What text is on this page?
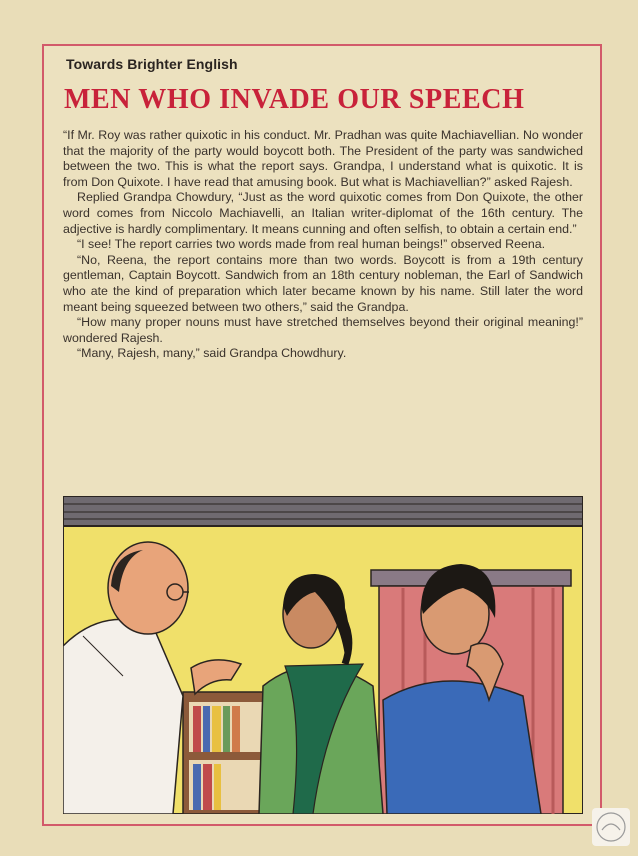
Towards Brighter English
MEN WHO INVADE OUR SPEECH

“If Mr. Roy was rather quixotic in his conduct. Mr. Pradhan was quite Machiavellian. No wonder that the majority of the party would boycott both. The President of the party was sandwiched between the two. This is what the report says. Grandpa, I understand what is quixotic. It is from Don Quixote. I have read that amusing book. But what is Machiavellian?” asked Rajesh.

Replied Grandpa Chowdury, “Just as the word quixotic comes from Don Quixote, the other word comes from Niccolo Machiavelli, an Italian writer-diplomat of the 16th century. The adjective is hardly complimentary. It means cunning and often selfish, to obtain a certain end.”

“I see! The report carries two words made from real human beings!” observed Reena.

“No, Reena, the report contains more than two words. Boycott is from a 19th century gentleman, Captain Boycott. Sandwich from an 18th century nobleman, the Earl of Sandwich who ate the kind of preparation which later became known by his name. Still later the word meant being squeezed between two others,” said the Grandpa.

“How many proper nouns must have stretched themselves beyond their original meaning!” wondered Rajesh.

“Many, Rajesh, many,” said Grandpa Chowdhury.
